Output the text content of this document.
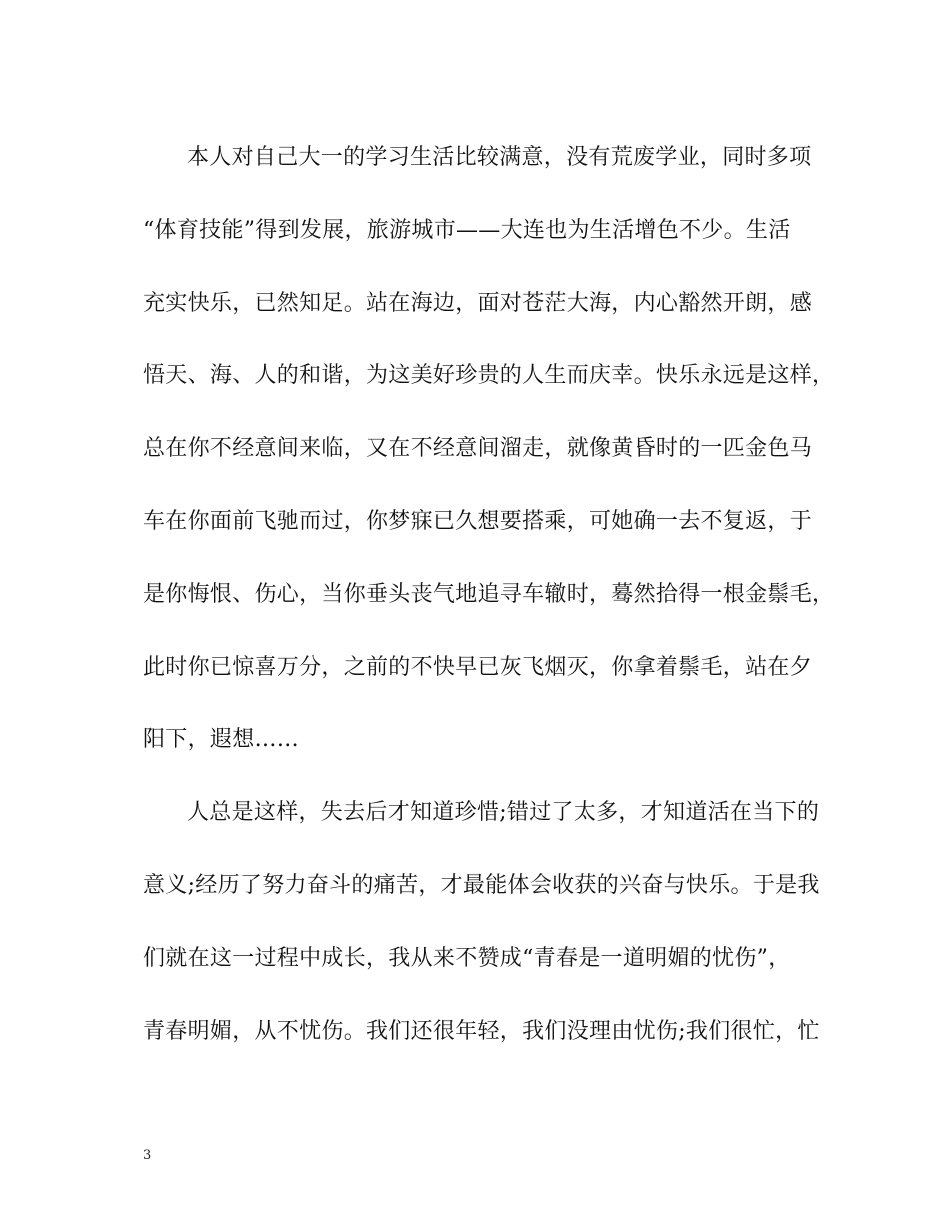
本人对自己大一的学习生活比较满意，没有荒废学业，同时多项
“体育技能”得到发展，旅游城市——大连也为生活增色不少。生活
充实快乐，已然知足。站在海边，面对苍茫大海，内心豁然开朗，感
悟天、海、人的和谐，为这美好珍贵的人生而庆幸。快乐永远是这样，
总在你不经意间来临，又在不经意间溜走，就像黄昏时的一匹金色马
车在你面前飞驰而过，你梦寐已久想要搭乘，可她确一去不复返，于
是你悔恨、伤心，当你垂头丧气地追寻车辙时，蓦然拾得一根金鬃毛，
此时你已惊喜万分，之前的不快早已灰飞烟灭，你拿着鬃毛，站在夕
阳下，遐想……
人总是这样，失去后才知道珍惜;错过了太多，才知道活在当下的
意义;经历了努力奋斗的痛苦，才最能体会收获的兴奋与快乐。于是我
们就在这一过程中成长，我从来不赞成“青春是一道明媚的忧伤”，
青春明媚，从不忧伤。我们还很年轻，我们没理由忧伤;我们很忙，忙
3
